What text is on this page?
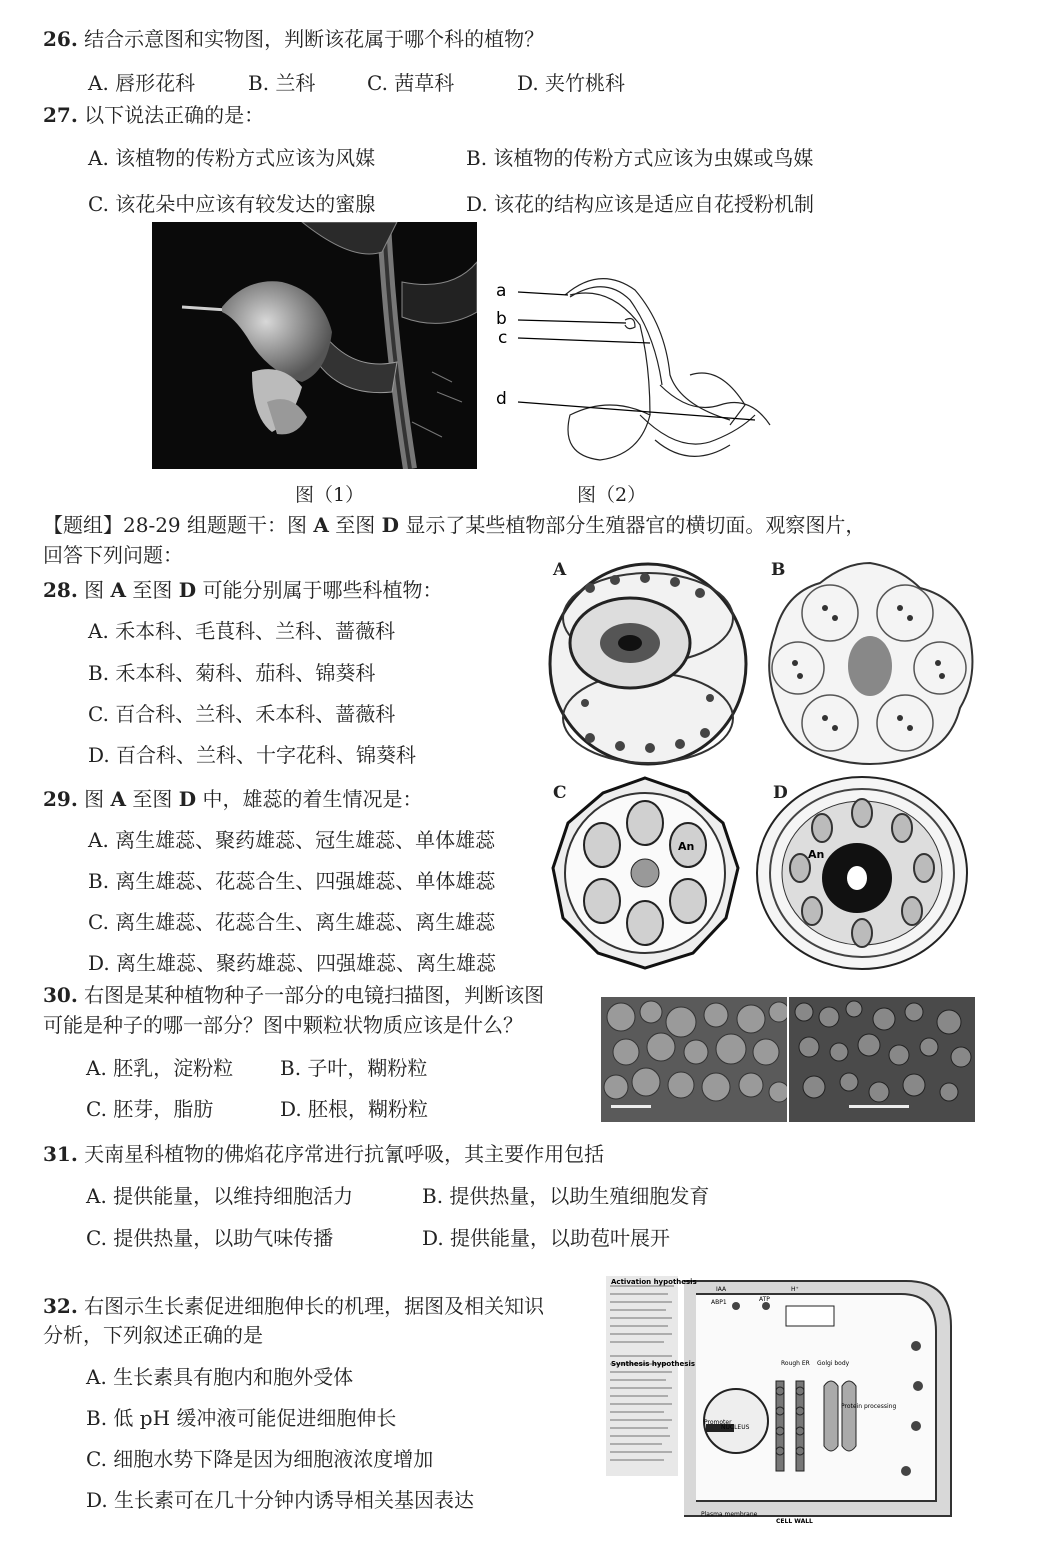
26. 结合示意图和实物图，判断该花属于哪个科的植物？
A. 唇形花科	B. 兰科	C. 茜草科	D. 夹竹桃科
27. 以下说法正确的是：
A. 该植物的传粉方式应该为风媒	B. 该植物的传粉方式应该为虫媒或鸟媒
C. 该花朵中应该有较发达的蜜腺	D. 该花的结构应该是适应自花授粉机制
图（1）
a
b
c
d
图（2）
【题组】28-29 组题题干：图 A 至图 D 显示了某些植物部分生殖器官的横切面。观察图片，
回答下列问题：
28. 图 A 至图 D 可能分别属于哪些科植物：
A. 禾本科、毛茛科、兰科、蔷薇科
B. 禾本科、菊科、茄科、锦葵科
C. 百合科、兰科、禾本科、蔷薇科
D. 百合科、兰科、十字花科、锦葵科
29. 图 A 至图 D 中，雄蕊的着生情况是：
A. 离生雄蕊、聚药雄蕊、冠生雄蕊、单体雄蕊
B. 离生雄蕊、花蕊合生、四强雄蕊、单体雄蕊
C. 离生雄蕊、花蕊合生、离生雄蕊、离生雄蕊
D. 离生雄蕊、聚药雄蕊、四强雄蕊、离生雄蕊
A	B
C
An
D
An
30. 右图是某种植物种子一部分的电镜扫描图，判断该图
可能是种子的哪一部分？图中颗粒状物质应该是什么？
A. 胚乳，淀粉粒 B. 子叶，糊粉粒
C. 胚芽，脂肪	D. 胚根，糊粉粒
31. 天南星科植物的佛焰花序常进行抗氰呼吸，其主要作用包括
A. 提供能量，以维持细胞活力	B. 提供热量，以助生殖细胞发育
C. 提供热量，以助气味传播	D. 提供能量，以助苞叶展开
32. 右图示生长素促进细胞伸长的机理，据图及相关知识
分析，下列叙述正确的是
A. 生长素具有胞内和胞外受体
B. 低 pH 缓冲液可能促进细胞伸长
C. 细胞水势下降是因为细胞液浓度增加
D. 生长素可在几十分钟内诱导相关基因表达
Activation hypothesis
Synthesis hypothesis
NUCLEUS
Golgi body
Rough ER
CELL WALL
Plasma membrane
IAA
ABP1	ATP
H⁺
Promoter
Protein processing
